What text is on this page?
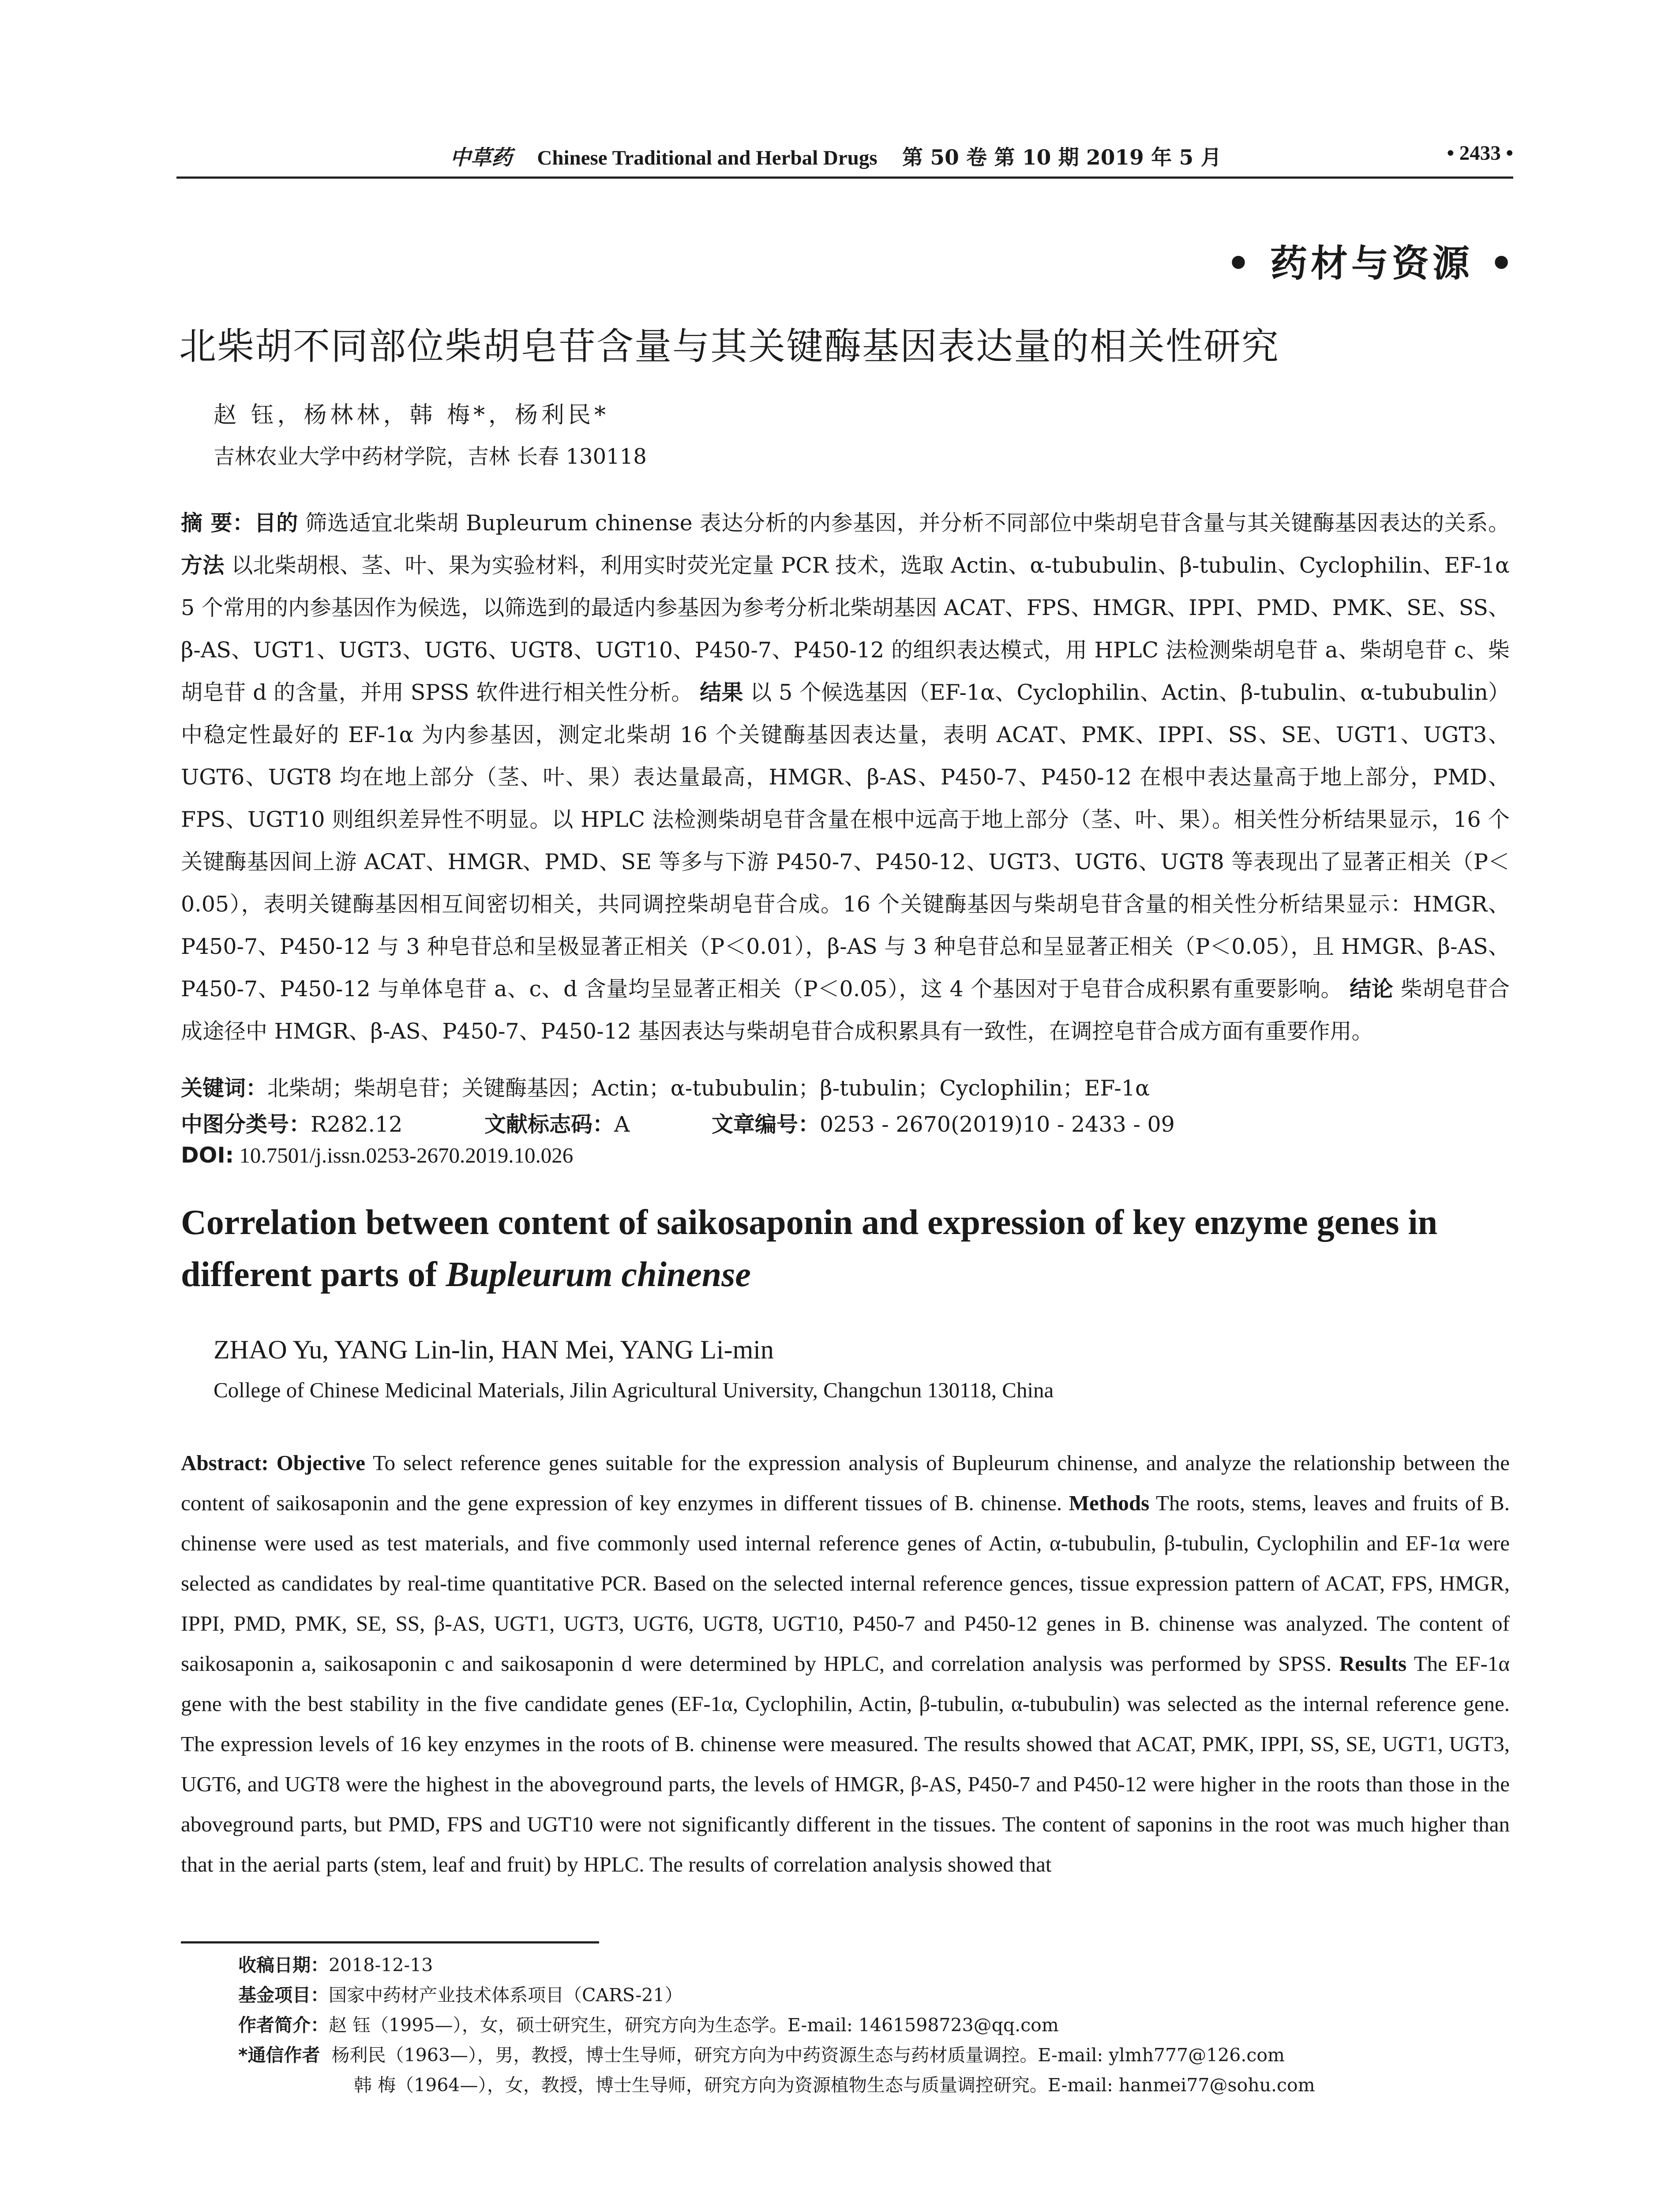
中草药 Chinese Traditional and Herbal Drugs 第 50 卷 第 10 期 2019 年 5 月	• 2433 •
• 药材与资源 •
北柴胡不同部位柴胡皂苷含量与其关键酶基因表达量的相关性研究
赵 钰，杨林林，韩 梅*，杨利民*
吉林农业大学中药材学院，吉林 长春 130118
摘 要：目的 筛选适宜北柴胡 Bupleurum chinense 表达分析的内参基因，并分析不同部位中柴胡皂苷含量与其关键酶基因表达的关系。 方法 以北柴胡根、茎、叶、果为实验材料，利用实时荧光定量 PCR 技术，选取 Actin、α-tububulin、β-tubulin、Cyclophilin、EF-1α 5 个常用的内参基因作为候选，以筛选到的最适内参基因为参考分析北柴胡基因 ACAT、FPS、HMGR、IPPI、PMD、PMK、SE、SS、β-AS、UGT1、UGT3、UGT6、UGT8、UGT10、P450-7、P450-12 的组织表达模式，用 HPLC 法检测柴胡皂苷 a、柴胡皂苷 c、柴胡皂苷 d 的含量，并用 SPSS 软件进行相关性分析。 结果 以 5 个候选基因（EF-1α、Cyclophilin、Actin、β-tubulin、α-tububulin）中稳定性最好的 EF-1α 为内参基因，测定北柴胡 16 个关键酶基因表达量，表明 ACAT、PMK、IPPI、SS、SE、UGT1、UGT3、UGT6、UGT8 均在地上部分（茎、叶、果）表达量最高，HMGR、β-AS、P450-7、P450-12 在根中表达量高于地上部分，PMD、FPS、UGT10 则组织差异性不明显。以 HPLC 法检测柴胡皂苷含量在根中远高于地上部分（茎、叶、果）。相关性分析结果显示，16 个关键酶基因间上游 ACAT、HMGR、PMD、SE 等多与下游 P450-7、P450-12、UGT3、UGT6、UGT8 等表现出了显著正相关（P＜0.05），表明关键酶基因相互间密切相关，共同调控柴胡皂苷合成。16 个关键酶基因与柴胡皂苷含量的相关性分析结果显示：HMGR、P450-7、P450-12 与 3 种皂苷总和呈极显著正相关（P＜0.01），β-AS 与 3 种皂苷总和呈显著正相关（P＜0.05），且 HMGR、β-AS、P450-7、P450-12 与单体皂苷 a、c、d 含量均呈显著正相关（P＜0.05），这 4 个基因对于皂苷合成积累有重要影响。 结论 柴胡皂苷合成途径中 HMGR、β-AS、P450-7、P450-12 基因表达与柴胡皂苷合成积累具有一致性，在调控皂苷合成方面有重要作用。
关键词：北柴胡；柴胡皂苷；关键酶基因；Actin；α-tububulin；β-tubulin；Cyclophilin；EF-1α
中图分类号：R282.12	文献标志码：A	文章编号：0253 - 2670(2019)10 - 2433 - 09
DOI: 10.7501/j.issn.0253-2670.2019.10.026
Correlation between content of saikosaponin and expression of key enzyme genes in different parts of Bupleurum chinense
ZHAO Yu, YANG Lin-lin, HAN Mei, YANG Li-min
College of Chinese Medicinal Materials, Jilin Agricultural University, Changchun 130118, China
Abstract: Objective To select reference genes suitable for the expression analysis of Bupleurum chinense, and analyze the relationship between the content of saikosaponin and the gene expression of key enzymes in different tissues of B. chinense. Methods The roots, stems, leaves and fruits of B. chinense were used as test materials, and five commonly used internal reference genes of Actin, α-tububulin, β-tubulin, Cyclophilin and EF-1α were selected as candidates by real-time quantitative PCR. Based on the selected internal reference gences, tissue expression pattern of ACAT, FPS, HMGR, IPPI, PMD, PMK, SE, SS, β-AS, UGT1, UGT3, UGT6, UGT8, UGT10, P450-7 and P450-12 genes in B. chinense was analyzed. The content of saikosaponin a, saikosaponin c and saikosaponin d were determined by HPLC, and correlation analysis was performed by SPSS. Results The EF-1α gene with the best stability in the five candidate genes (EF-1α, Cyclophilin, Actin, β-tubulin, α-tububulin) was selected as the internal reference gene. The expression levels of 16 key enzymes in the roots of B. chinense were measured. The results showed that ACAT, PMK, IPPI, SS, SE, UGT1, UGT3, UGT6, and UGT8 were the highest in the aboveground parts, the levels of HMGR, β-AS, P450-7 and P450-12 were higher in the roots than those in the aboveground parts, but PMD, FPS and UGT10 were not significantly different in the tissues. The content of saponins in the root was much higher than that in the aerial parts (stem, leaf and fruit) by HPLC. The results of correlation analysis showed that
收稿日期：2018-12-13
基金项目：国家中药材产业技术体系项目（CARS-21）
作者简介：赵 钰（1995—），女，硕士研究生，研究方向为生态学。E-mail: 1461598723@qq.com
*通信作者 杨利民（1963—），男，教授，博士生导师，研究方向为中药资源生态与药材质量调控。E-mail: ylmh777@126.com
韩 梅（1964—），女，教授，博士生导师，研究方向为资源植物生态与质量调控研究。E-mail: hanmei77@sohu.com
